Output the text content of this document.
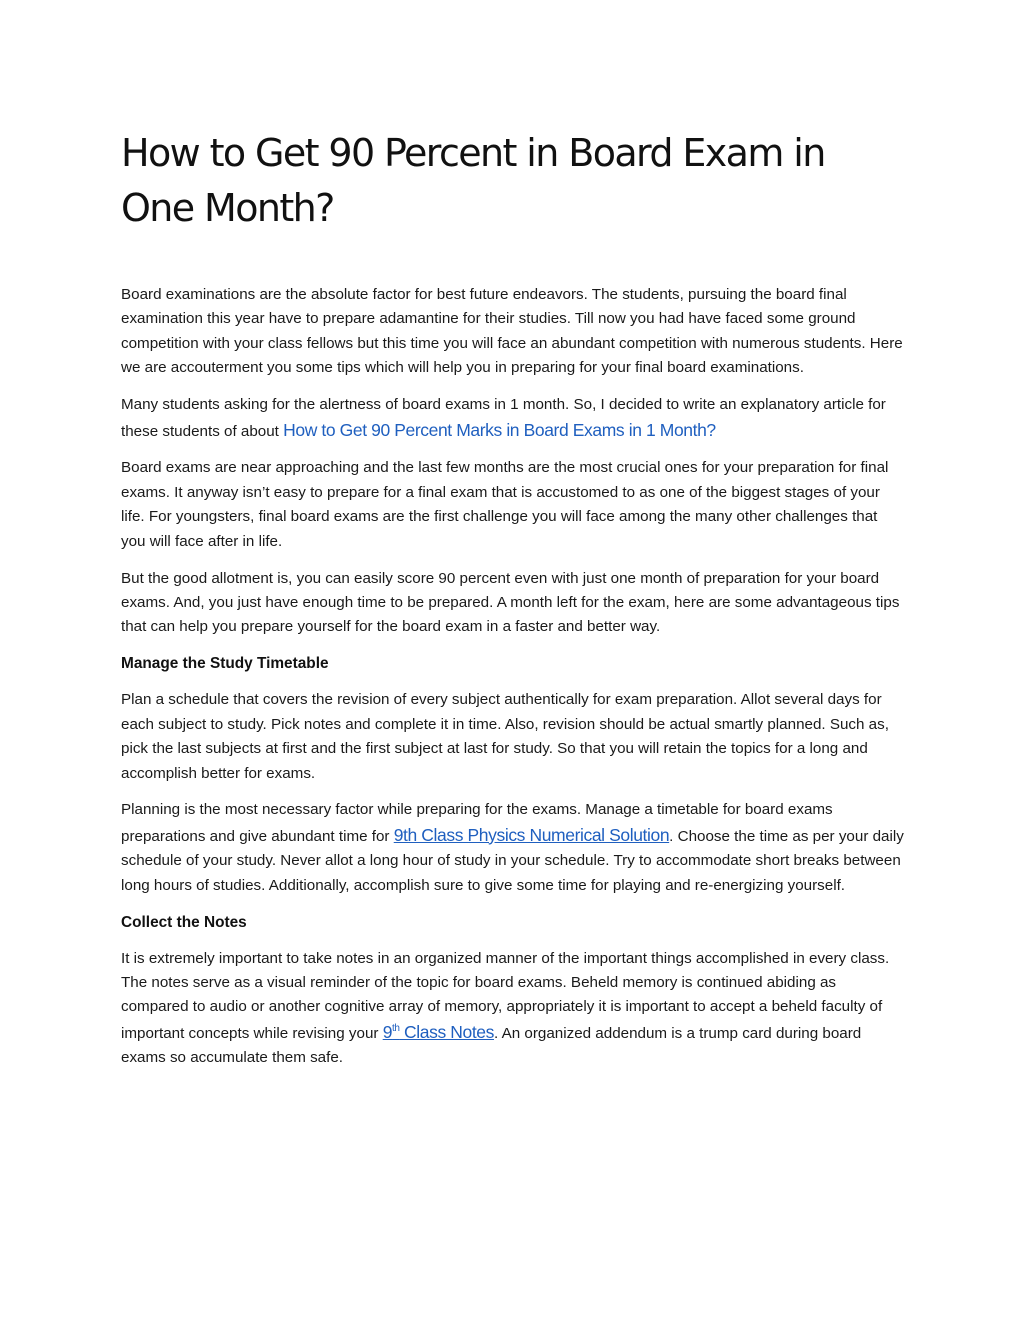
How to Get 90 Percent in Board Exam in
One Month?

Board examinations are the absolute factor for best future endeavors. The students, pursuing the board final examination this year have to prepare adamantine for their studies. Till now you had have faced some ground competition with your class fellows but this time you will face an abundant competition with numerous students. Here we are accouterment you some tips which will help you in preparing for your final board examinations.

Many students asking for the alertness of board exams in 1 month. So, I decided to write an explanatory article for these students of about How to Get 90 Percent Marks in Board Exams in 1 Month?

Board exams are near approaching and the last few months are the most crucial ones for your preparation for final exams. It anyway isn’t easy to prepare for a final exam that is accustomed to as one of the biggest stages of your life. For youngsters, final board exams are the first challenge you will face among the many other challenges that you will face after in life.

But the good allotment is, you can easily score 90 percent even with just one month of preparation for your board exams. And, you just have enough time to be prepared. A month left for the exam, here are some advantageous tips that can help you prepare yourself for the board exam in a faster and better way.

Manage the Study Timetable

Plan a schedule that covers the revision of every subject authentically for exam preparation. Allot several days for each subject to study. Pick notes and complete it in time. Also, revision should be actual smartly planned. Such as, pick the last subjects at first and the first subject at last for study. So that you will retain the topics for a long and accomplish better for exams.

Planning is the most necessary factor while preparing for the exams. Manage a timetable for board exams preparations and give abundant time for 9th Class Physics Numerical Solution. Choose the time as per your daily schedule of your study. Never allot a long hour of study in your schedule. Try to accommodate short breaks between long hours of studies. Additionally, accomplish sure to give some time for playing and re-energizing yourself.

Collect the Notes

It is extremely important to take notes in an organized manner of the important things accomplished in every class. The notes serve as a visual reminder of the topic for board exams. Beheld memory is continued abiding as compared to audio or another cognitive array of memory, appropriately it is important to accept a beheld faculty of important concepts while revising your 9th Class Notes. An organized addendum is a trump card during board exams so accumulate them safe.
